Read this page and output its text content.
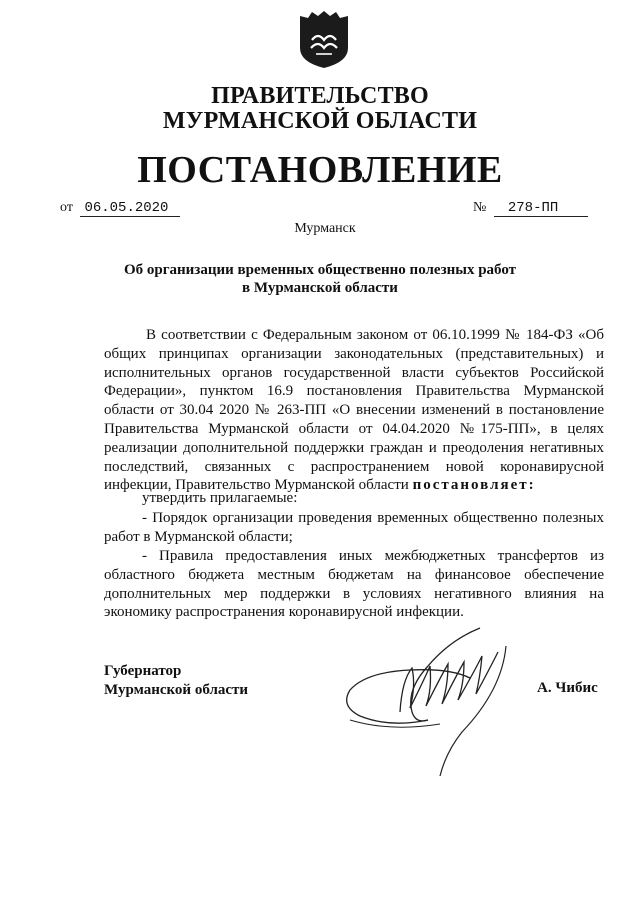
ПРАВИТЕЛЬСТВО
МУРМАНСКОЙ ОБЛАСТИ
ПОСТАНОВЛЕНИЕ
от 06.05.2020	№ 278-ПП
Мурманск
Об организации временных общественно полезных работ
в Мурманской области
В соответствии с Федеральным законом от 06.10.1999 № 184-ФЗ «Об общих принципах организации законодательных (представительных) и исполнительных органов государственной власти субъектов Российской Федерации», пунктом 16.9 постановления Правительства Мурманской области от 30.04 2020 № 263-ПП «О внесении изменений в постановление Правительства Мурманской области от 04.04.2020 №175-ПП», в целях реализации дополнительной поддержки граждан и преодоления негативных последствий, связанных с распространением новой коронавирусной инфекции, Правительство Мурманской области постановляет:
утвердить прилагаемые:
- Порядок организации проведения временных общественно полезных работ в Мурманской области;
- Правила предоставления иных межбюджетных трансфертов из областного бюджета местным бюджетам на финансовое обеспечение дополнительных мер поддержки в условиях негативного влияния на экономику распространения коронавирусной инфекции.
Губернатор
Мурманской области	А. Чибис
